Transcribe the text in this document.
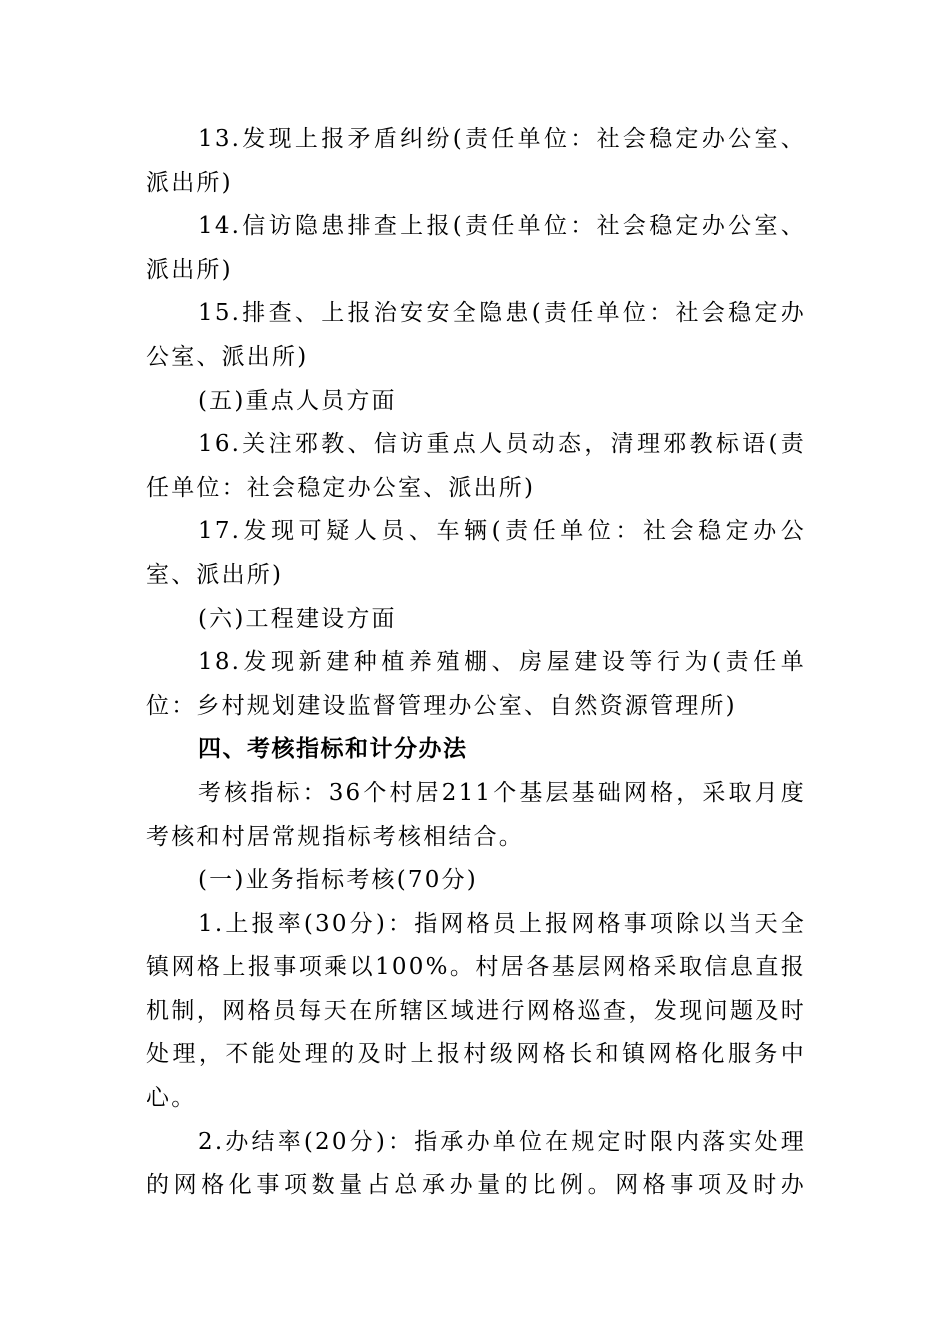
13.发现上报矛盾纠纷(责任单位：社会稳定办公室、派出所)

14.信访隐患排查上报(责任单位：社会稳定办公室、派出所)

15.排查、上报治安安全隐患(责任单位：社会稳定办公室、派出所)

(五)重点人员方面

16.关注邪教、信访重点人员动态，清理邪教标语(责任单位：社会稳定办公室、派出所)

17.发现可疑人员、车辆(责任单位：社会稳定办公室、派出所)

(六)工程建设方面

18.发现新建种植养殖棚、房屋建设等行为(责任单位：乡村规划建设监督管理办公室、自然资源管理所)

四、考核指标和计分办法

考核指标：36个村居211个基层基础网格，采取月度考核和村居常规指标考核相结合。

(一)业务指标考核(70分)

1.上报率(30分)：指网格员上报网格事项除以当天全镇网格上报事项乘以100%。村居各基层网格采取信息直报机制，网格员每天在所辖区域进行网格巡查，发现问题及时处理，不能处理的及时上报村级网格长和镇网格化服务中心。

2.办结率(20分)：指承办单位在规定时限内落实处理的网格化事项数量占总承办量的比例。网格事项及时办
